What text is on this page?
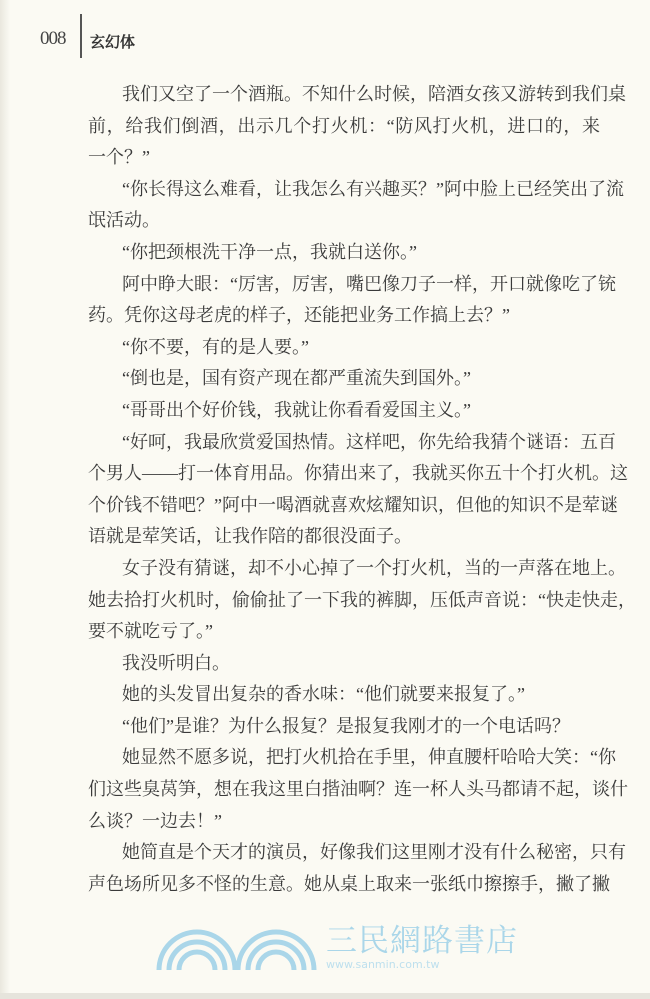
008 玄幻体
我们又空了一个酒瓶。不知什么时候，陪酒女孩又游转到我们桌
前，给我们倒酒，出示几个打火机：“防风打火机，进口的，来
一个？”
“你长得这么难看，让我怎么有兴趣买？”阿中脸上已经笑出了流
氓活动。
“你把颈根洗干净一点，我就白送你。”
阿中睁大眼：“厉害，厉害，嘴巴像刀子一样，开口就像吃了铳
药。凭你这母老虎的样子，还能把业务工作搞上去？”
“你不要，有的是人要。”
“倒也是，国有资产现在都严重流失到国外。”
“哥哥出个好价钱，我就让你看看爱国主义。”
“好呵，我最欣赏爱国热情。这样吧，你先给我猜个谜语：五百
个男人——打一体育用品。你猜出来了，我就买你五十个打火机。这
个价钱不错吧？”阿中一喝酒就喜欢炫耀知识，但他的知识不是荤谜
语就是荤笑话，让我作陪的都很没面子。
女子没有猜谜，却不小心掉了一个打火机，当的一声落在地上。
她去拾打火机时，偷偷扯了一下我的裤脚，压低声音说：“快走快走，
要不就吃亏了。”
我没听明白。
她的头发冒出复杂的香水味：“他们就要来报复了。”
“他们”是谁？为什么报复？是报复我刚才的一个电话吗？
她显然不愿多说，把打火机拾在手里，伸直腰杆哈哈大笑：“你
们这些臭莴笋，想在我这里白揩油啊？连一杯人头马都请不起，谈什
么谈？一边去！”
她简直是个天才的演员，好像我们这里刚才没有什么秘密，只有
声色场所见多不怪的生意。她从桌上取来一张纸巾擦擦手，撇了撇
三民網路書店
www.sanmin.com.tw
